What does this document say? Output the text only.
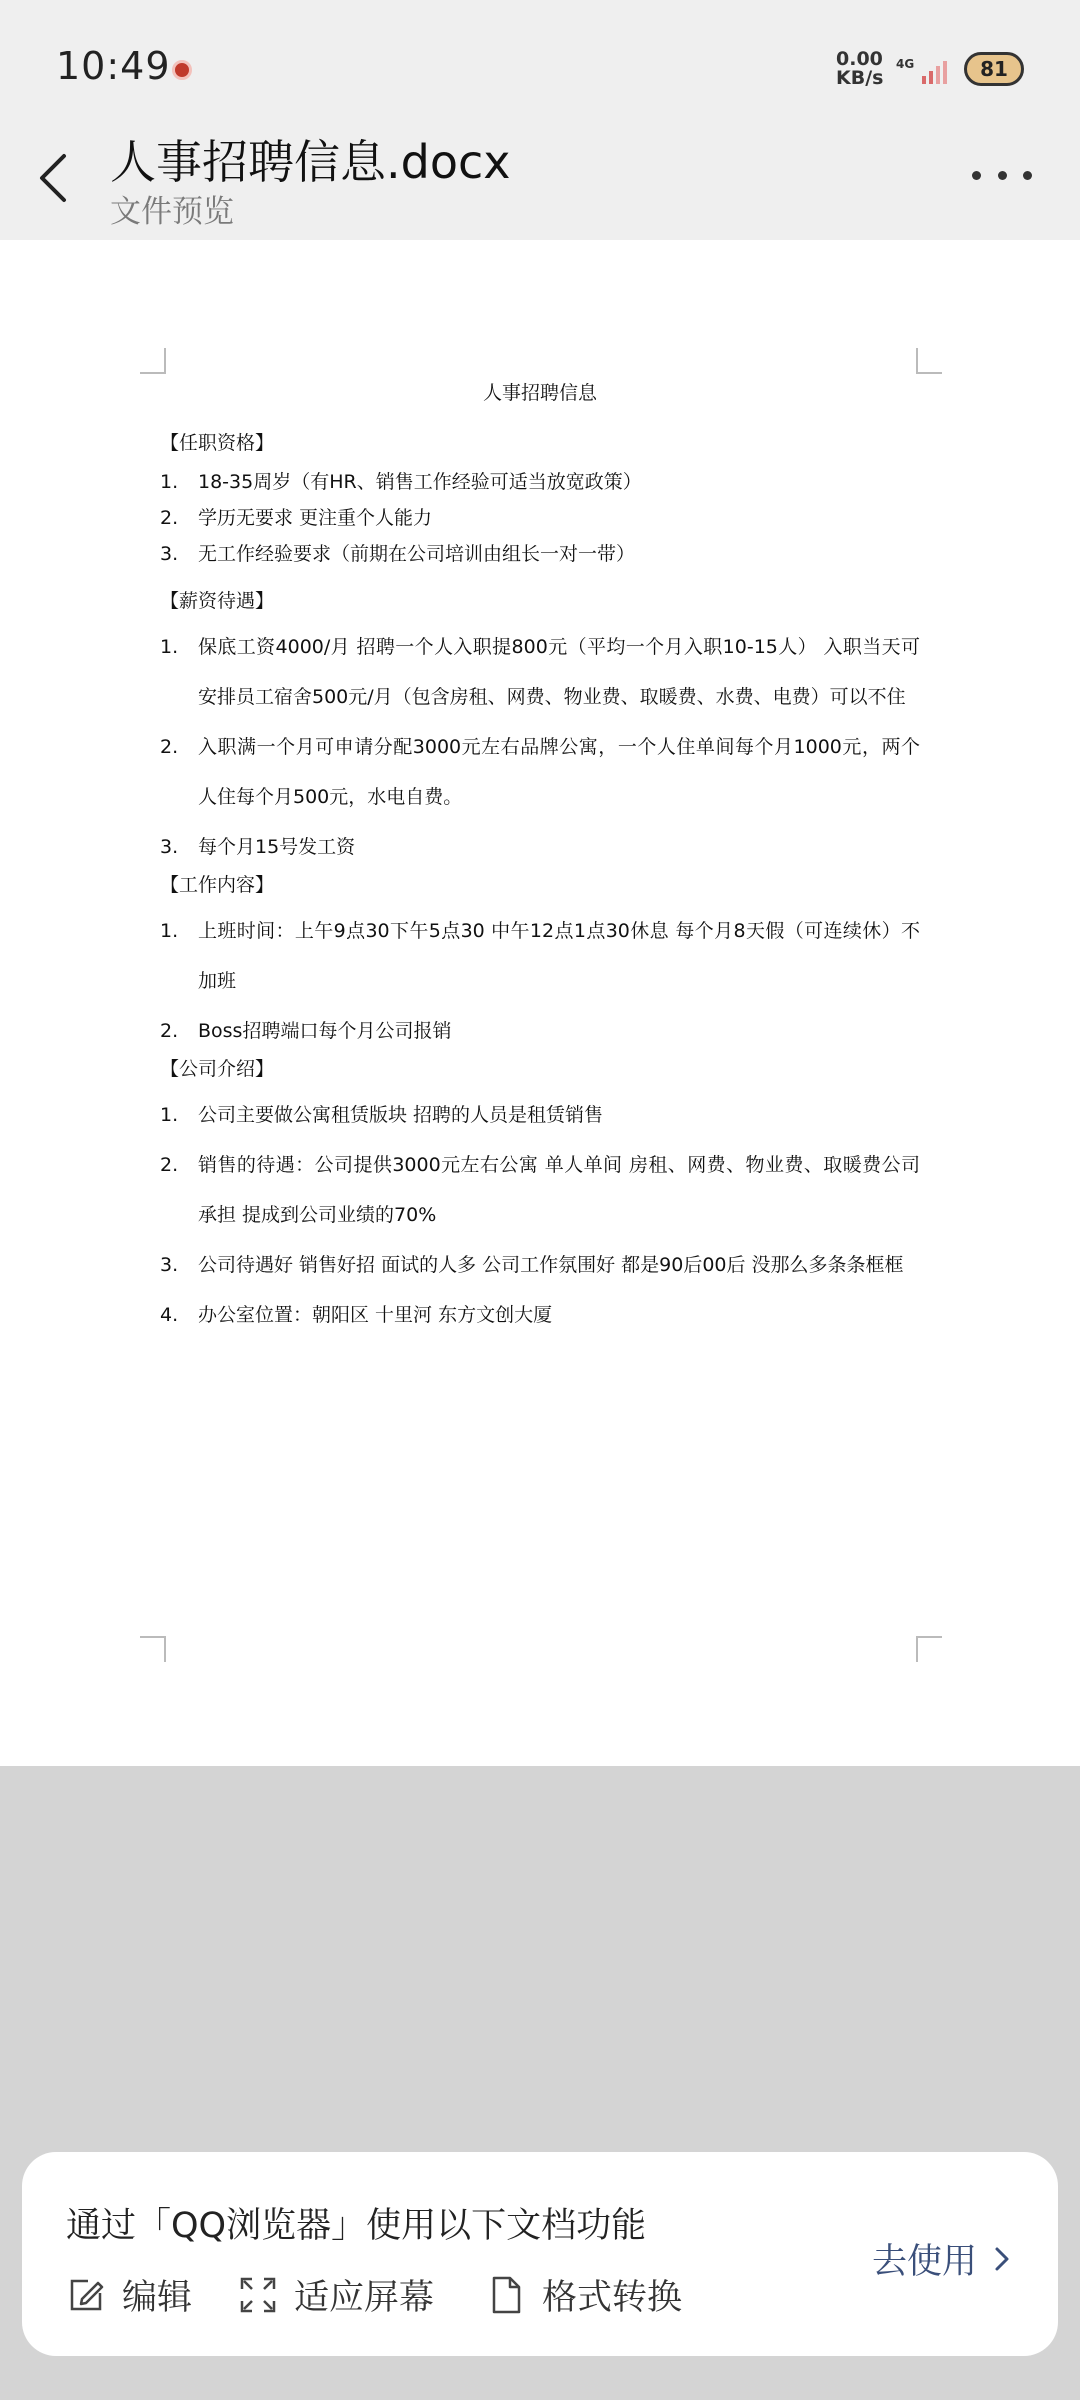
10:49	0.00
KB/s
4G	81
人事招聘信息.docx
文件预览
人事招聘信息
【任职资格】
1.	18-35周岁（有HR、销售工作经验可适当放宽政策）
2.	学历无要求 更注重个人能力
3.	无工作经验要求（前期在公司培训由组长一对一带）
【薪资待遇】
1.	保底工资4000/月 招聘一个人入职提800元（平均一个月入职10-15人） 入职当天可安排员工宿舍500元/月（包含房租、网费、物业费、取暖费、水费、电费）可以不住
2.	入职满一个月可申请分配3000元左右品牌公寓，一个人住单间每个月1000元，两个人住每个月500元，水电自费。
3.	每个月15号发工资
【工作内容】
1.	上班时间：上午9点30下午5点30 中午12点1点30休息 每个月8天假（可连续休）不加班
2.	Boss招聘端口每个月公司报销
【公司介绍】
1.	公司主要做公寓租赁版块 招聘的人员是租赁销售
2.	销售的待遇：公司提供3000元左右公寓 单人单间 房租、网费、物业费、取暖费公司承担 提成到公司业绩的70%
3.	公司待遇好 销售好招 面试的人多 公司工作氛围好 都是90后00后 没那么多条条框框
4.	办公室位置：朝阳区 十里河 东方文创大厦
通过「QQ浏览器」使用以下文档功能
编辑	适应屏幕	格式转换
去使用
